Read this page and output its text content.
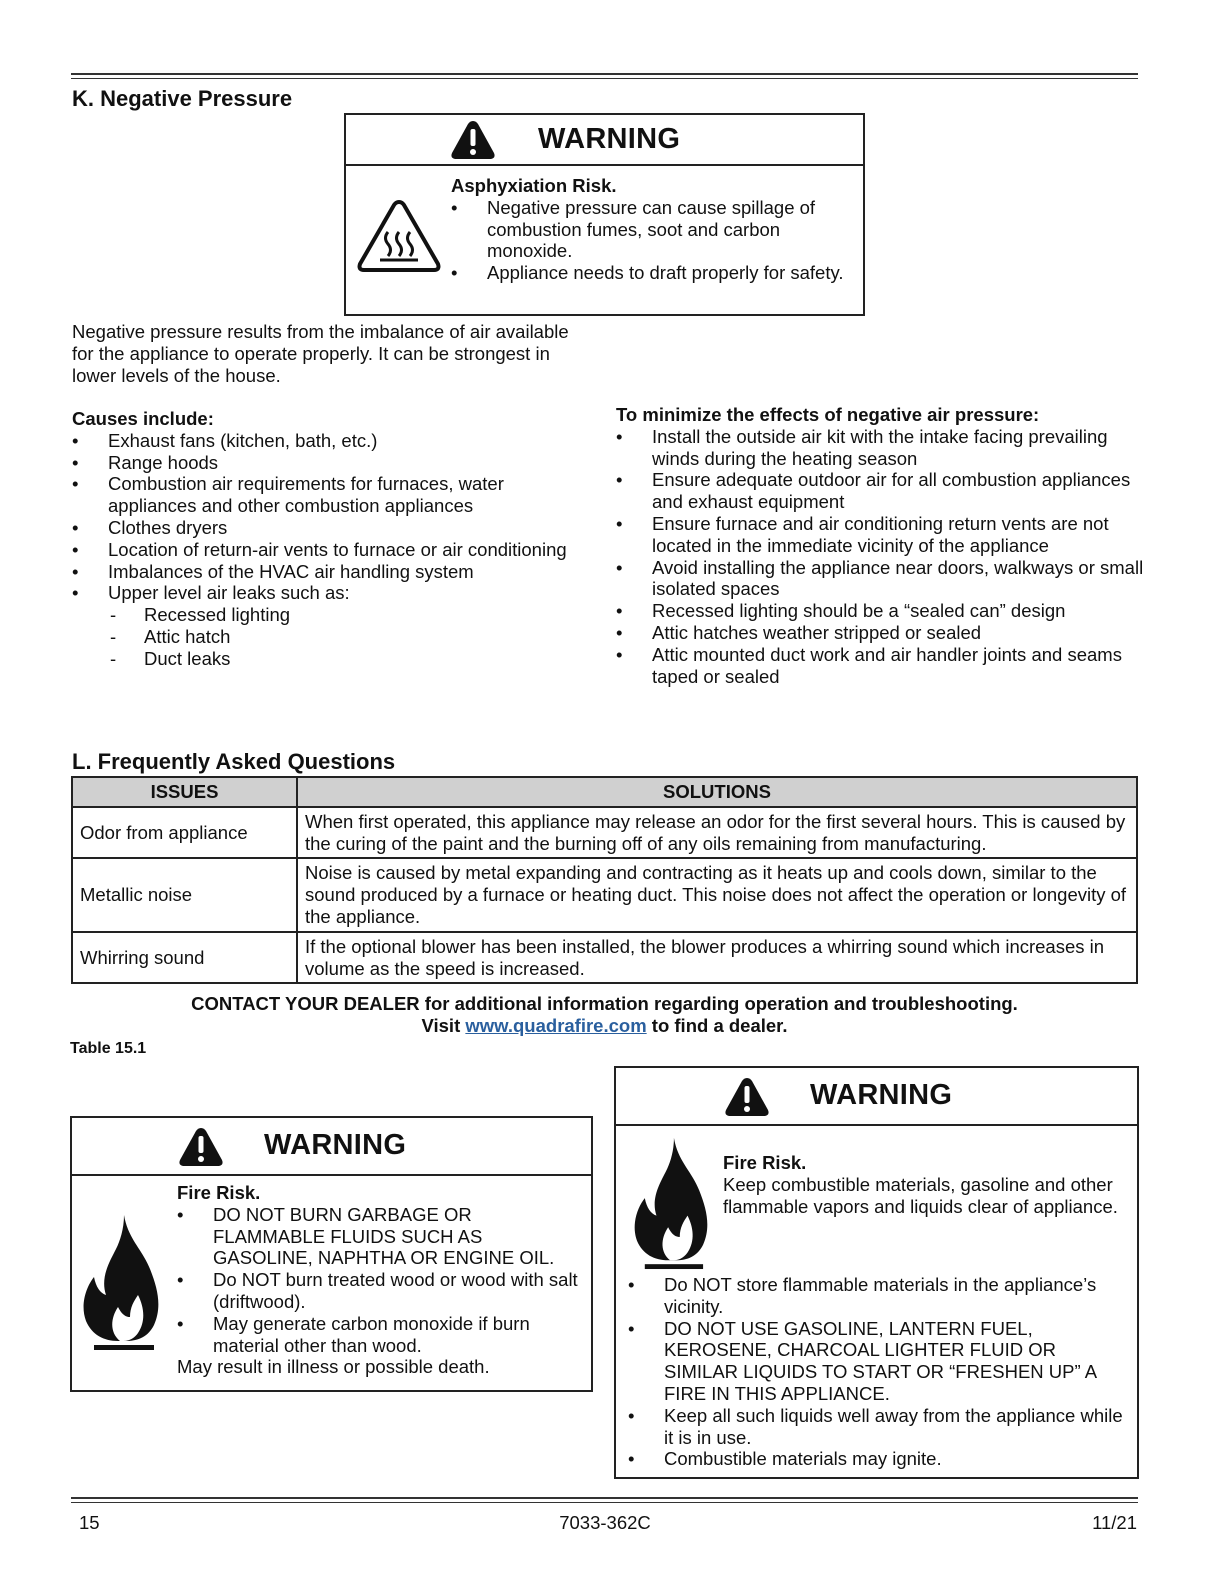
K. Negative Pressure
WARNING
Asphyxiation Risk.
• Negative pressure can cause spillage of combustion fumes, soot and carbon monoxide.
• Appliance needs to draft properly for safety.
Negative pressure results from the imbalance of air available for the appliance to operate properly. It can be strongest in lower levels of the house.
Causes include:
• Exhaust fans (kitchen, bath, etc.)
• Range hoods
• Combustion air requirements for furnaces, water appliances and other combustion appliances
• Clothes dryers
• Location of return-air vents to furnace or air conditioning
• Imbalances of the HVAC air handling system
• Upper level air leaks such as:
- Recessed lighting
- Attic hatch
- Duct leaks
To minimize the effects of negative air pressure:
• Install the outside air kit with the intake facing prevailing winds during the heating season
• Ensure adequate outdoor air for all combustion appliances and exhaust equipment
• Ensure furnace and air conditioning return vents are not located in the immediate vicinity of the appliance
• Avoid installing the appliance near doors, walkways or small isolated spaces
• Recessed lighting should be a “sealed can” design
• Attic hatches weather stripped or sealed
• Attic mounted duct work and air handler joints and seams taped or sealed
L. Frequently Asked Questions
ISSUES	SOLUTIONS
Odor from appliance	When first operated, this appliance may release an odor for the first several hours. This is caused by the curing of the paint and the burning off of any oils remaining from manufacturing.
Metallic noise	Noise is caused by metal expanding and contracting as it heats up and cools down, similar to the sound produced by a furnace or heating duct. This noise does not affect the operation or longevity of the appliance.
Whirring sound	If the optional blower has been installed, the blower produces a whirring sound which increases in volume as the speed is increased.
CONTACT YOUR DEALER for additional information regarding operation and troubleshooting.
Visit www.quadrafire.com to find a dealer.
Table 15.1
WARNING
Fire Risk.
• DO NOT BURN GARBAGE OR FLAMMABLE FLUIDS SUCH AS GASOLINE, NAPHTHA OR ENGINE OIL.
• Do NOT burn treated wood or wood with salt (driftwood).
• May generate carbon monoxide if burn material other than wood.
May result in illness or possible death.
WARNING
Fire Risk.
Keep combustible materials, gasoline and other flammable vapors and liquids clear of appliance.
• Do NOT store flammable materials in the appliance’s vicinity.
• DO NOT USE GASOLINE, LANTERN FUEL, KEROSENE, CHARCOAL LIGHTER FLUID OR SIMILAR LIQUIDS TO START OR “FRESHEN UP” A FIRE IN THIS APPLIANCE.
• Keep all such liquids well away from the appliance while it is in use.
• Combustible materials may ignite.
15	7033-362C	11/21
